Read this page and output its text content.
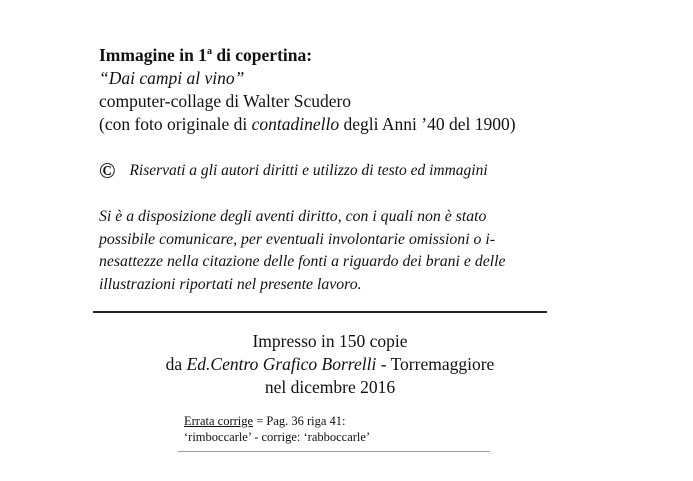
Immagine in 1$^a$ di copertina:

“Dai campi al vino”

computer-collage di Walter Scudero

(con foto originale di contadinello degli Anni ’40 del 1900)

© Riservati a gli autori diritti e utilizzo di testo ed immagini

Si è a disposizione degli aventi diritto, con i quali non è stato

possibile comunicare, per eventuali involontarie omissioni o i-

nesattezze nella citazione delle fonti a riguardo dei brani e delle

illustrazioni riportati nel presente lavoro.

Impresso in 150 copie

da Ed.Centro Grafico Borrelli - Torremaggiore

nel dicembre 2016

Errata corrige = Pag. 36 riga 41:

‘rimboccarle’ - corrige: ‘rabboccarle’
